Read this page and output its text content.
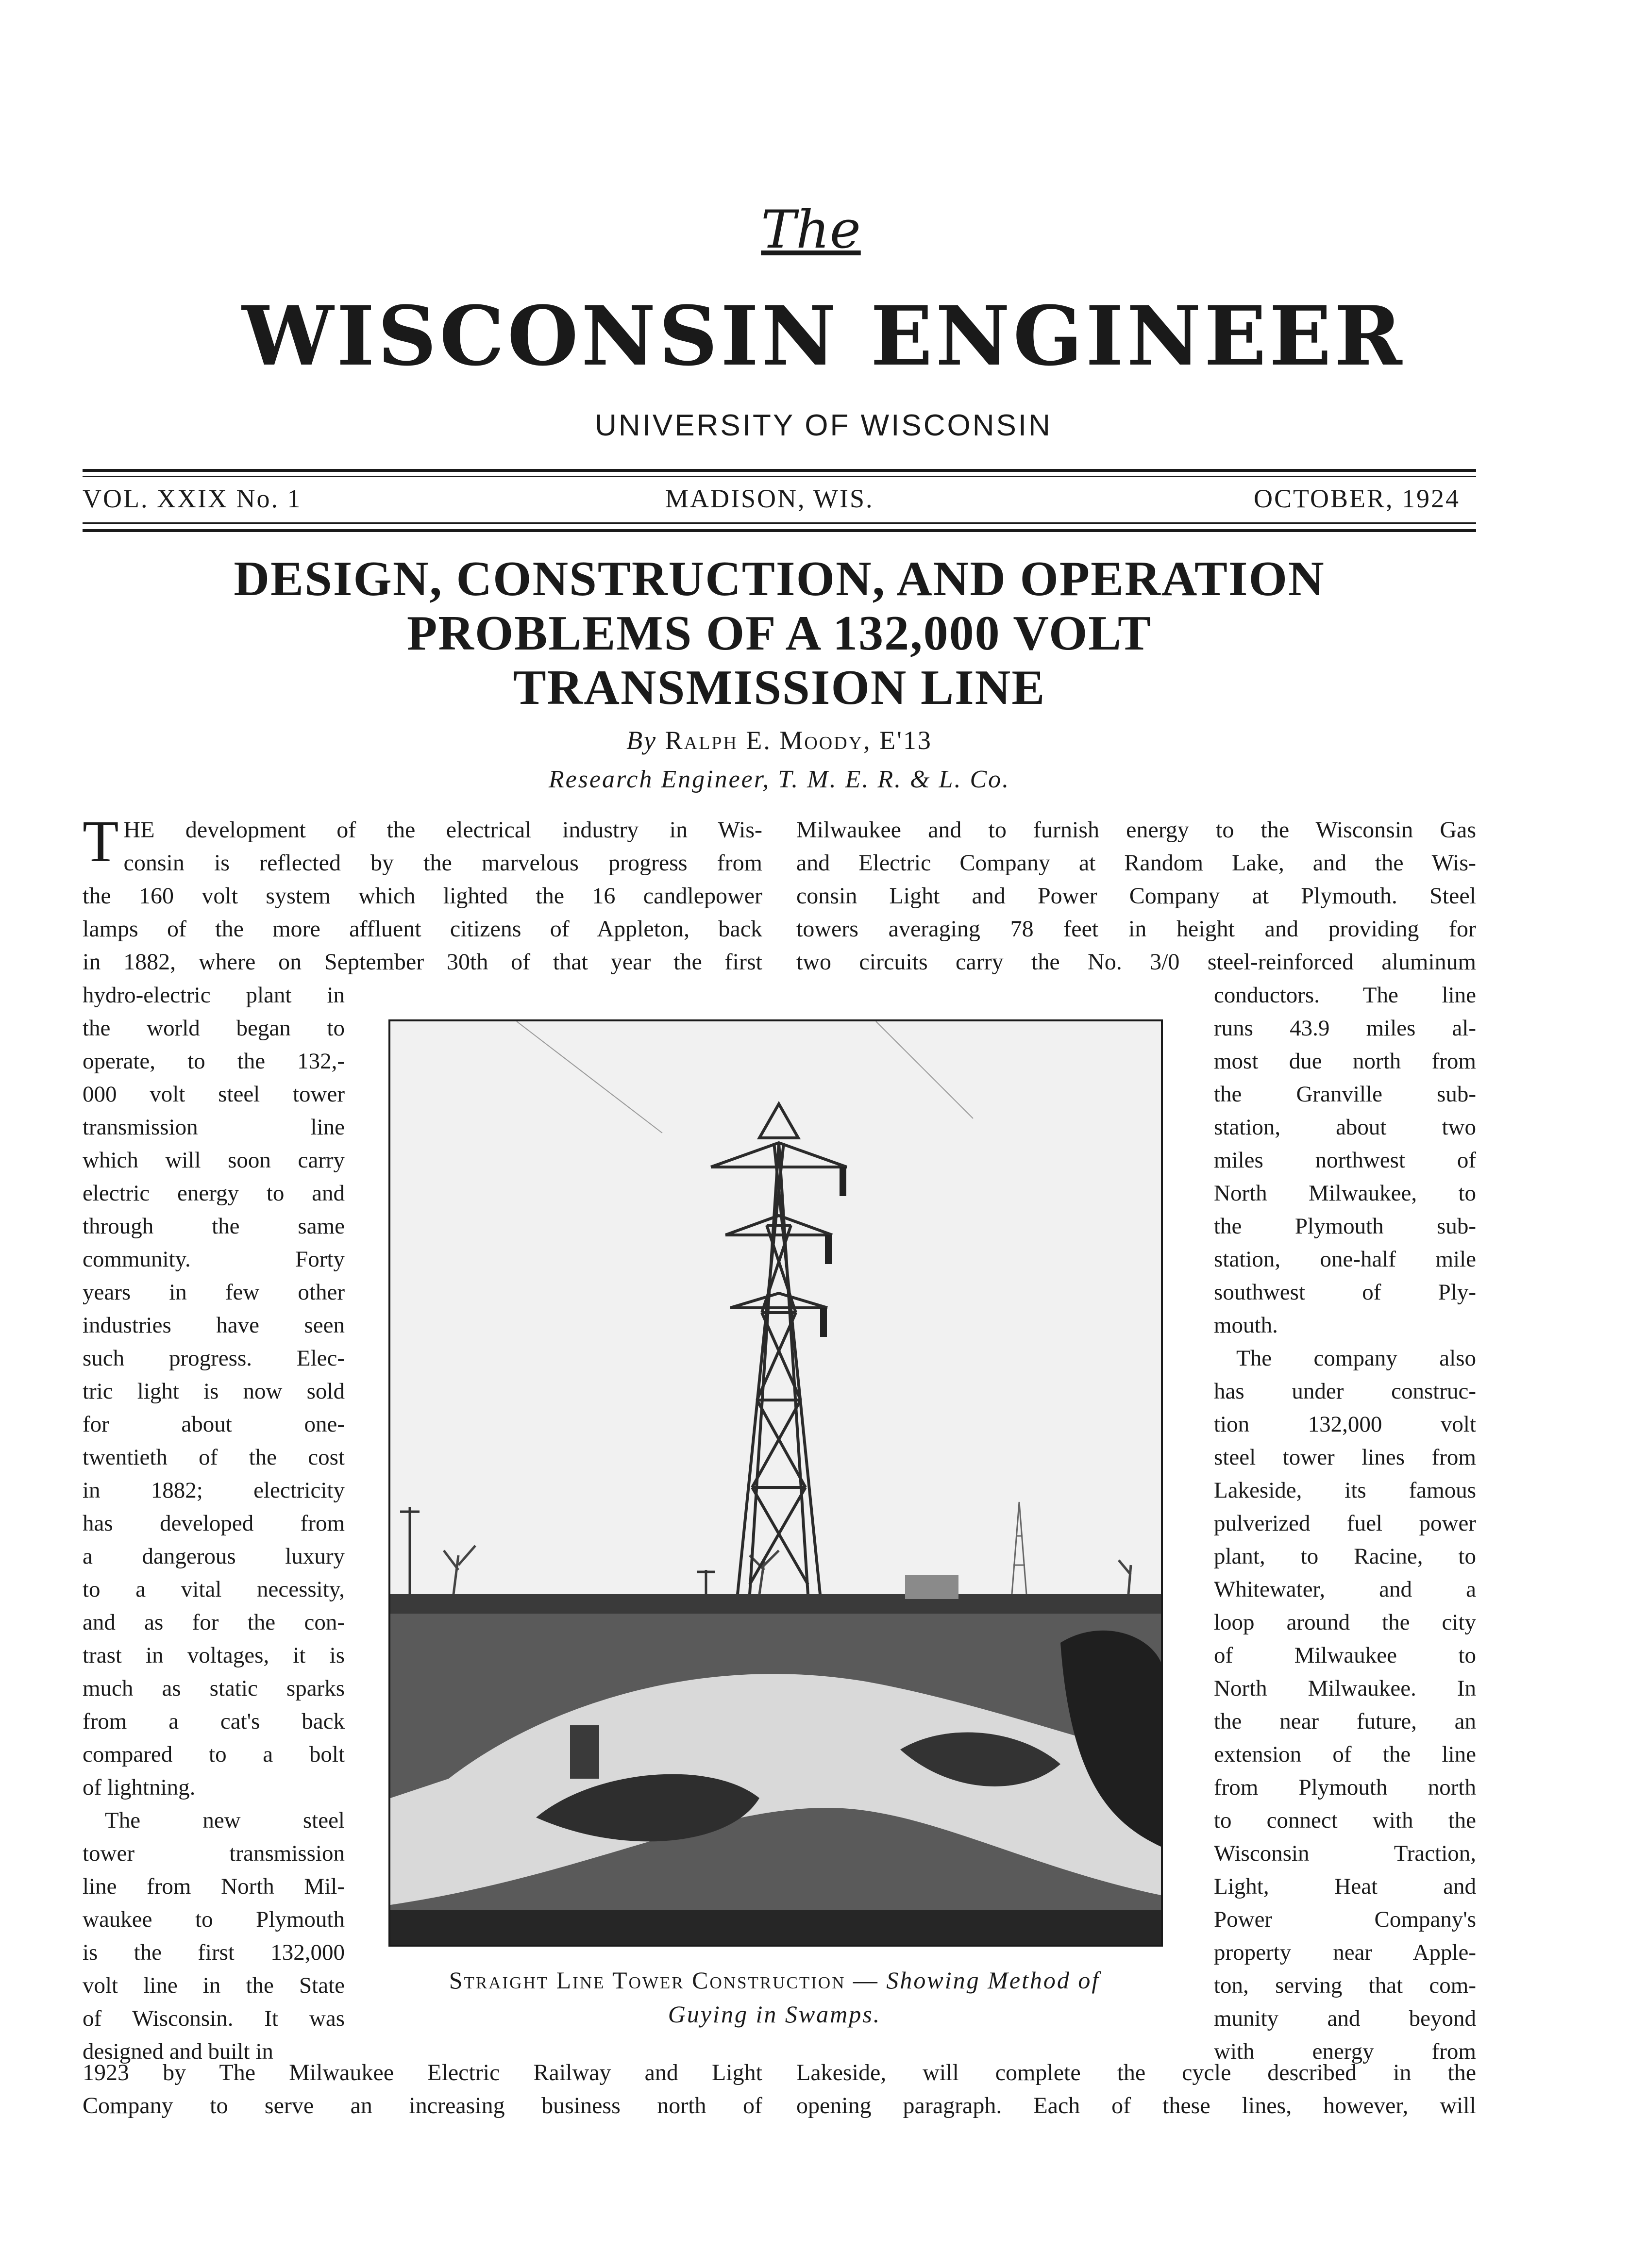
The
WISCONSIN ENGINEER
UNIVERSITY OF WISCONSIN
VOL. XXIX No. 1	MADISON, WIS.	OCTOBER, 1924
DESIGN, CONSTRUCTION, AND OPERATION
PROBLEMS OF A 132,000 VOLT
TRANSMISSION LINE
By Ralph E. Moody, E'13
Research Engineer, T. M. E. R. & L. Co.
T HE development of the electrical industry in Wis-
consin is reflected by the marvelous progress from
the 160 volt system which lighted the 16 candlepower
lamps of the more affluent citizens of Appleton, back
in 1882, where on September 30th of that year the first
Milwaukee and to furnish energy to the Wisconsin Gas
and Electric Company at Random Lake, and the Wis-
consin Light and Power Company at Plymouth. Steel
towers averaging 78 feet in height and providing for
two circuits carry the No. 3/0 steel-reinforced aluminum
hydro-electric plant in
the world began to
operate, to the 132,-
000 volt steel tower
transmission line
which will soon carry
electric energy to and
through the same
community. Forty
years in few other
industries have seen
such progress. Elec-
tric light is now sold
for about one-
twentieth of the cost
in 1882; electricity
has developed from
a dangerous luxury
to a vital necessity,
and as for the con-
trast in voltages, it is
much as static sparks
from a cat's back
compared to a bolt
of lightning.
The new steel
tower transmission
line from North Mil-
waukee to Plymouth
is the first 132,000
volt line in the State
of Wisconsin. It was
designed and built in
conductors. The line
runs 43.9 miles al-
most due north from
the Granville sub-
station, about two
miles northwest of
North Milwaukee, to
the Plymouth sub-
station, one-half mile
southwest of Ply-
mouth.
The company also
has under construc-
tion 132,000 volt
steel tower lines from
Lakeside, its famous
pulverized fuel power
plant, to Racine, to
Whitewater, and a
loop around the city
of Milwaukee to
North Milwaukee. In
the near future, an
extension of the line
from Plymouth north
to connect with the
Wisconsin Traction,
Light, Heat and
Power Company's
property near Apple-
ton, serving that com-
munity and beyond
with energy from
Straight Line Tower Construction — Showing Method of
Guying in Swamps.
1923 by The Milwaukee Electric Railway and Light
Company to serve an increasing business north of
Lakeside, will complete the cycle described in the
opening paragraph. Each of these lines, however, will
